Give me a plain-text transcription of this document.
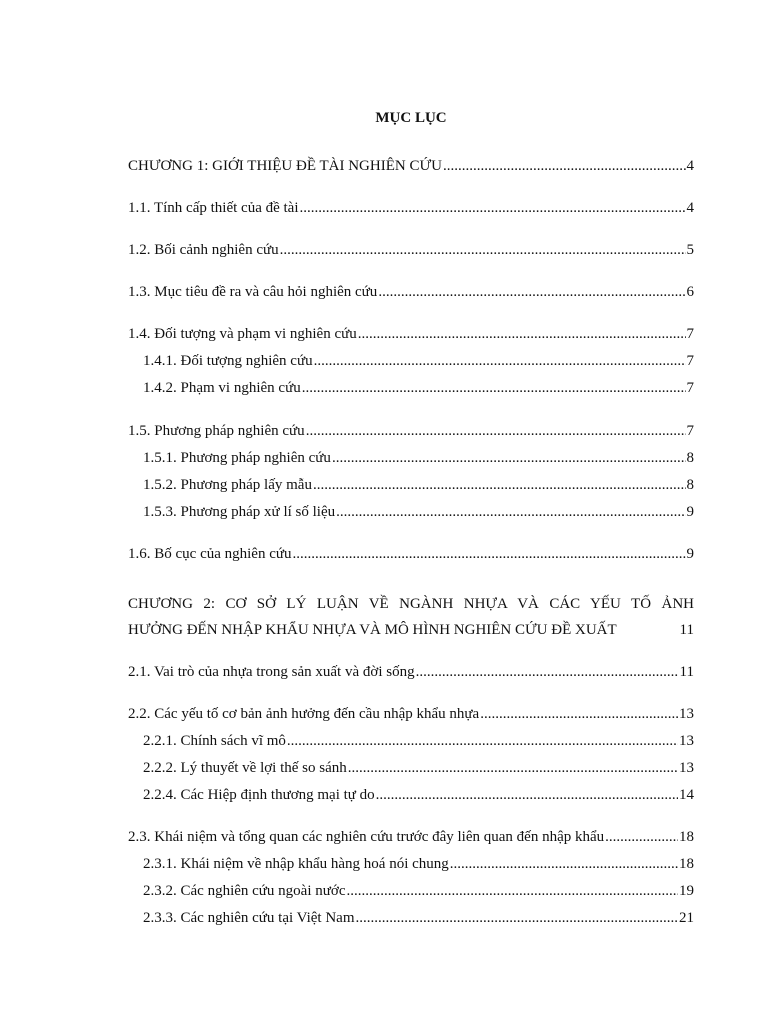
MỤC LỤC
CHƯƠNG 1: GIỚI THIỆU ĐỀ TÀI NGHIÊN CỨU .....	4
1.1. Tính cấp thiết của đề tài .....	4
1.2. Bối cảnh nghiên cứu .....	5
1.3. Mục tiêu đề ra và câu hỏi nghiên cứu .....	6
1.4. Đối tượng và phạm vi nghiên cứu .....	7
1.4.1. Đối tượng nghiên cứu .....	7
1.4.2. Phạm vi nghiên cứu .....	7
1.5. Phương pháp nghiên cứu .....	7
1.5.1. Phương pháp nghiên cứu .....	8
1.5.2. Phương pháp lấy mẫu .....	8
1.5.3. Phương pháp xử lí số liệu .....	9
1.6. Bố cục của nghiên cứu .....	9
CHƯƠNG 2: CƠ SỞ LÝ LUẬN VỀ NGÀNH NHỰA VÀ CÁC YẾU TỐ ẢNH
HƯỞNG ĐẾN NHẬP KHẨU NHỰA VÀ MÔ HÌNH NGHIÊN CỨU ĐỀ XUẤT	11
2.1. Vai trò của nhựa trong sản xuất và đời sống .....	11
2.2. Các yếu tố cơ bản ảnh hưởng đến cầu nhập khẩu nhựa .....	13
2.2.1. Chính sách vĩ mô .....	13
2.2.2. Lý thuyết về lợi thế so sánh .....	13
2.2.4. Các Hiệp định thương mại tự do .....	14
2.3. Khái niệm và tổng quan các nghiên cứu trước đây liên quan đến nhập khẩu .....	18
2.3.1. Khái niệm về nhập khẩu hàng hoá nói chung .....	18
2.3.2. Các nghiên cứu ngoài nước .....	19
2.3.3. Các nghiên cứu tại Việt Nam .....	21
